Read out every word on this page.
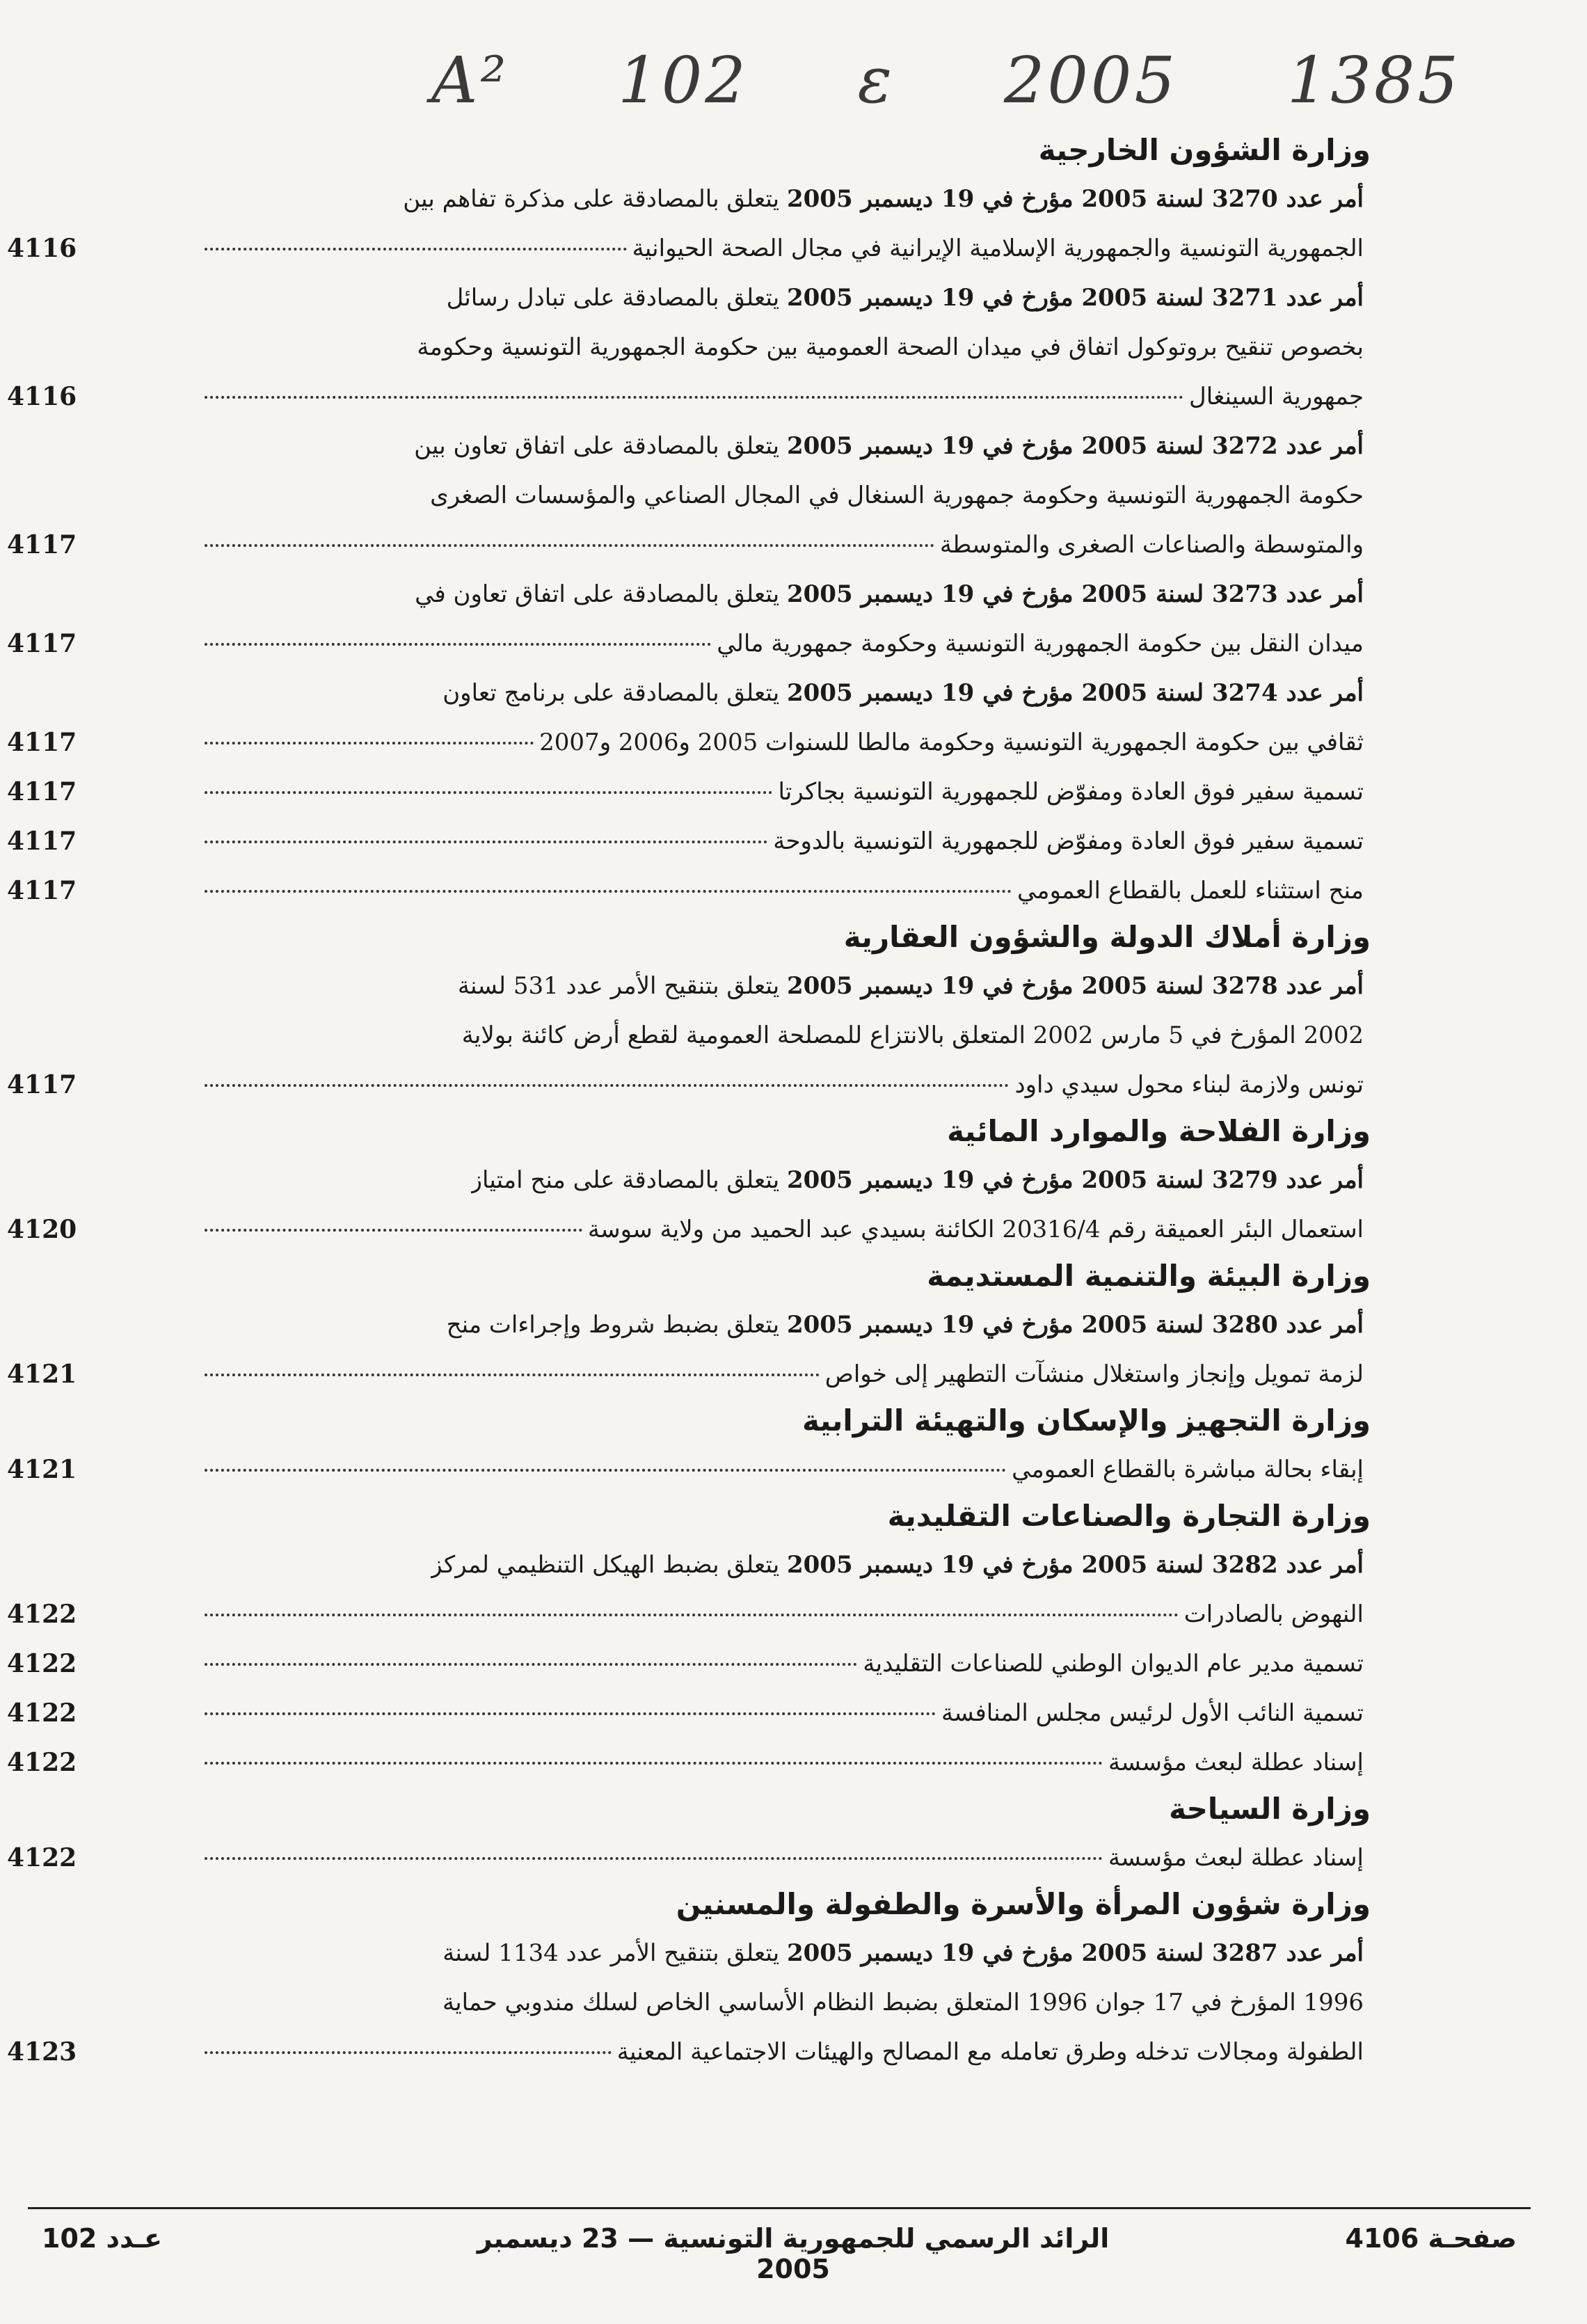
A² 102 ε 2005 1385
وزارة الشؤون الخارجية
أمر عدد 3270 لسنة 2005 مؤرخ في 19 ديسمبر 2005 يتعلق بالمصادقة على مذكرة تفاهم بين
الجمهورية التونسية والجمهورية الإسلامية الإيرانية في مجال الصحة الحيوانية
4116
أمر عدد 3271 لسنة 2005 مؤرخ في 19 ديسمبر 2005 يتعلق بالمصادقة على تبادل رسائل
بخصوص تنقيح بروتوكول اتفاق في ميدان الصحة العمومية بين حكومة الجمهورية التونسية وحكومة
جمهورية السينغال
4116
أمر عدد 3272 لسنة 2005 مؤرخ في 19 ديسمبر 2005 يتعلق بالمصادقة على اتفاق تعاون بين
حكومة الجمهورية التونسية وحكومة جمهورية السنغال في المجال الصناعي والمؤسسات الصغرى
والمتوسطة والصناعات الصغرى والمتوسطة
4117
أمر عدد 3273 لسنة 2005 مؤرخ في 19 ديسمبر 2005 يتعلق بالمصادقة على اتفاق تعاون في
ميدان النقل بين حكومة الجمهورية التونسية وحكومة جمهورية مالي
4117
أمر عدد 3274 لسنة 2005 مؤرخ في 19 ديسمبر 2005 يتعلق بالمصادقة على برنامج تعاون
ثقافي بين حكومة الجمهورية التونسية وحكومة مالطا للسنوات 2005 و2006 و2007
4117
تسمية سفير فوق العادة ومفوّض للجمهورية التونسية بجاكرتا
4117
تسمية سفير فوق العادة ومفوّض للجمهورية التونسية بالدوحة
4117
منح استثناء للعمل بالقطاع العمومي
4117
وزارة أملاك الدولة والشؤون العقارية
أمر عدد 3278 لسنة 2005 مؤرخ في 19 ديسمبر 2005 يتعلق بتنقيح الأمر عدد 531 لسنة
2002 المؤرخ في 5 مارس 2002 المتعلق بالانتزاع للمصلحة العمومية لقطع أرض كائنة بولاية
تونس ولازمة لبناء محول سيدي داود
4117
وزارة الفلاحة والموارد المائية
أمر عدد 3279 لسنة 2005 مؤرخ في 19 ديسمبر 2005 يتعلق بالمصادقة على منح امتياز
استعمال البئر العميقة رقم 20316/4 الكائنة بسيدي عبد الحميد من ولاية سوسة
4120
وزارة البيئة والتنمية المستديمة
أمر عدد 3280 لسنة 2005 مؤرخ في 19 ديسمبر 2005 يتعلق بضبط شروط وإجراءات منح
لزمة تمويل وإنجاز واستغلال منشآت التطهير إلى خواص
4121
وزارة التجهيز والإسكان والتهيئة الترابية
إبقاء بحالة مباشرة بالقطاع العمومي
4121
وزارة التجارة والصناعات التقليدية
أمر عدد 3282 لسنة 2005 مؤرخ في 19 ديسمبر 2005 يتعلق بضبط الهيكل التنظيمي لمركز
النهوض بالصادرات
4122
تسمية مدير عام الديوان الوطني للصناعات التقليدية
4122
تسمية النائب الأول لرئيس مجلس المنافسة
4122
إسناد عطلة لبعث مؤسسة
4122
وزارة السياحة
إسناد عطلة لبعث مؤسسة
4122
وزارة شؤون المرأة والأسرة والطفولة والمسنين
أمر عدد 3287 لسنة 2005 مؤرخ في 19 ديسمبر 2005 يتعلق بتنقيح الأمر عدد 1134 لسنة
1996 المؤرخ في 17 جوان 1996 المتعلق بضبط النظام الأساسي الخاص لسلك مندوبي حماية
الطفولة ومجالات تدخله وطرق تعامله مع المصالح والهيئات الاجتماعية المعنية
4123
عـدد 102	الرائد الرسمي للجمهورية التونسية — 23 ديسمبر 2005
صفحـة 4106
